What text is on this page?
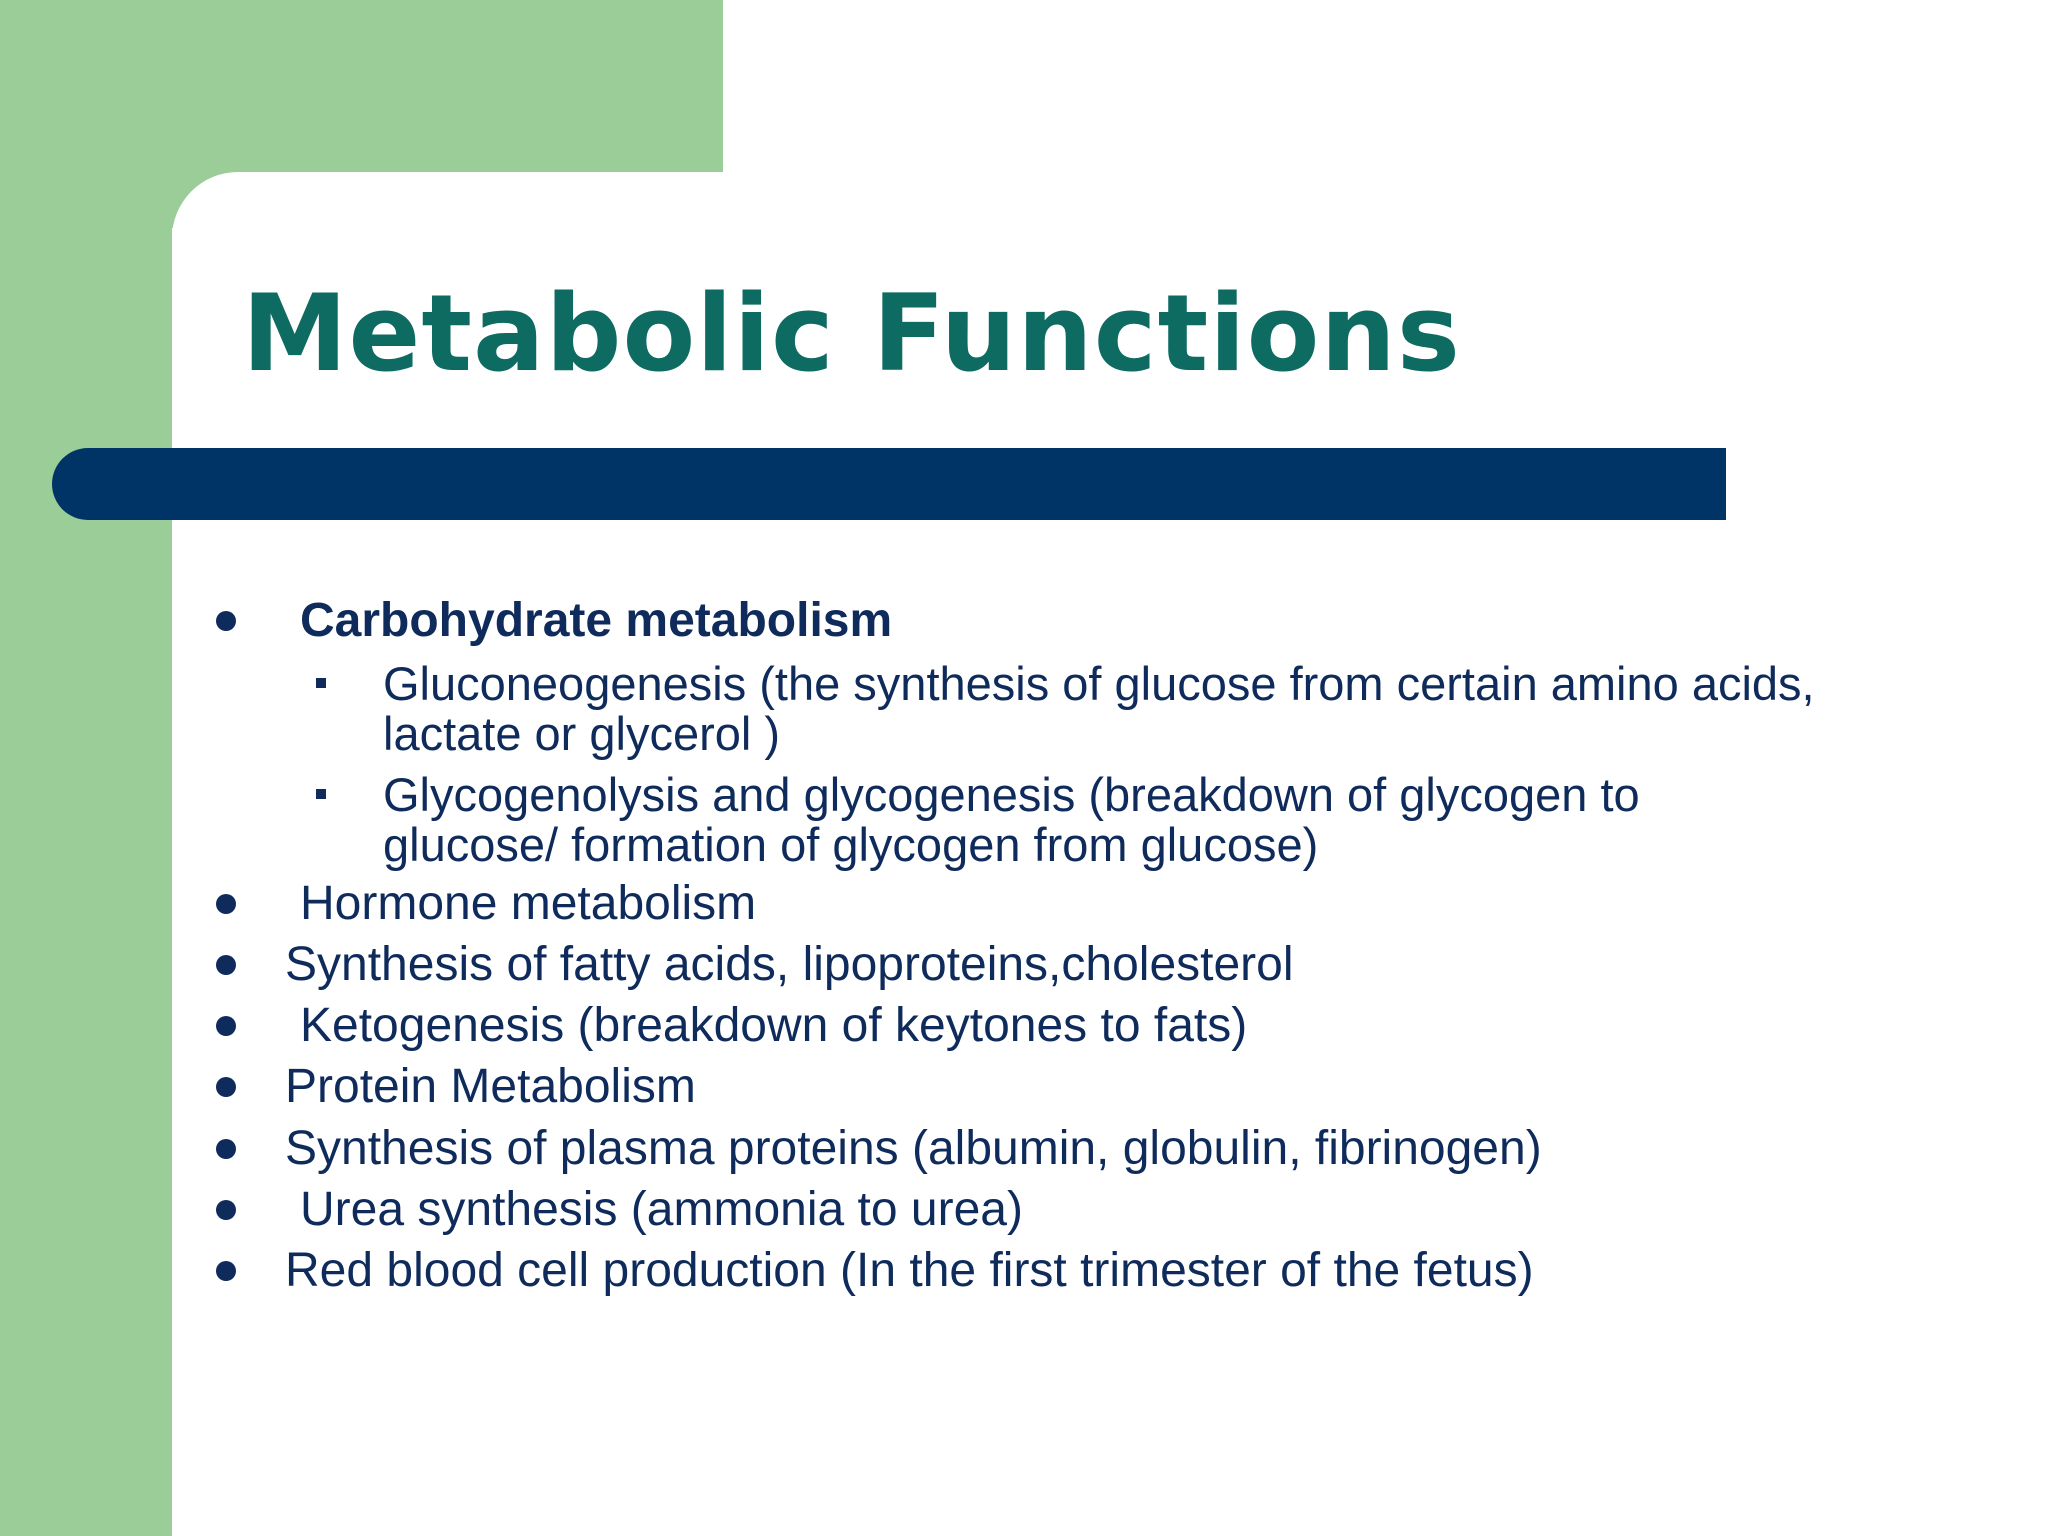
Metabolic Functions
Carbohydrate metabolism
Gluconeogenesis (the synthesis of glucose from certain amino acids, lactate or glycerol )
Glycogenolysis and glycogenesis (breakdown of glycogen to glucose/ formation of glycogen from glucose)
Hormone metabolism
Synthesis of fatty acids, lipoproteins,cholesterol
Ketogenesis (breakdown of keytones to fats)
Protein Metabolism
Synthesis of plasma proteins (albumin, globulin, fibrinogen)
Urea synthesis (ammonia to urea)
Red blood cell production (In the first trimester of the fetus)
